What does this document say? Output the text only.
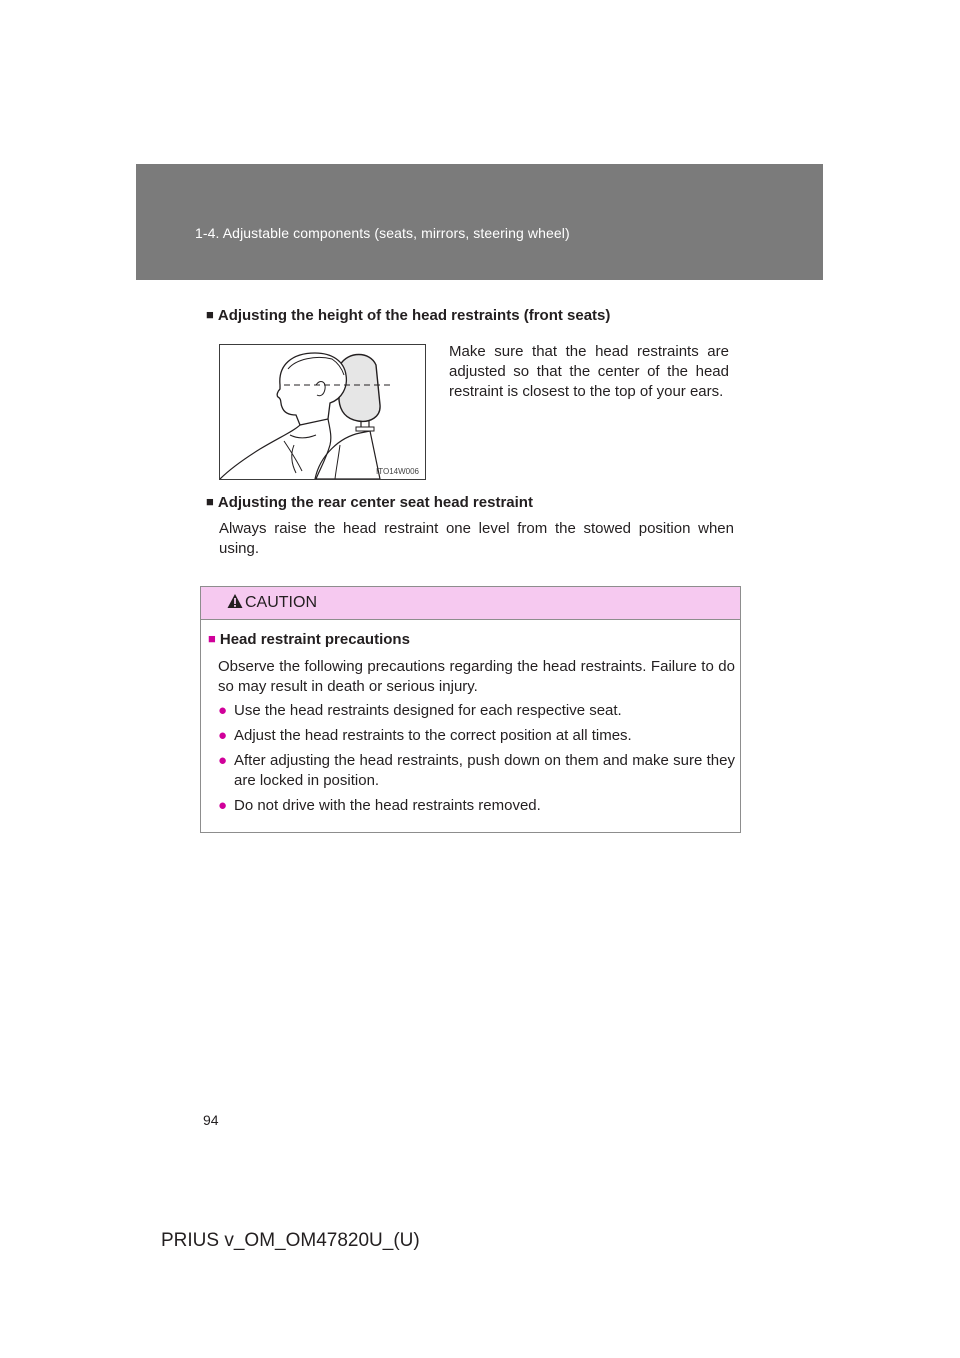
1-4. Adjustable components (seats, mirrors, steering wheel)
■ Adjusting the height of the head restraints (front seats)
ITO14W006
Make sure that the head restraints are adjusted so that the center of the head restraint is closest to the top of your ears.
■ Adjusting the rear center seat head restraint
Always raise the head restraint one level from the stowed position when using.
CAUTION
■ Head restraint precautions
Observe the following precautions regarding the head restraints. Failure to do so may result in death or serious injury.
● Use the head restraints designed for each respective seat.
● Adjust the head restraints to the correct position at all times.
● After adjusting the head restraints, push down on them and make sure they are locked in position.
● Do not drive with the head restraints removed.
94
PRIUS v_OM_OM47820U_(U)
